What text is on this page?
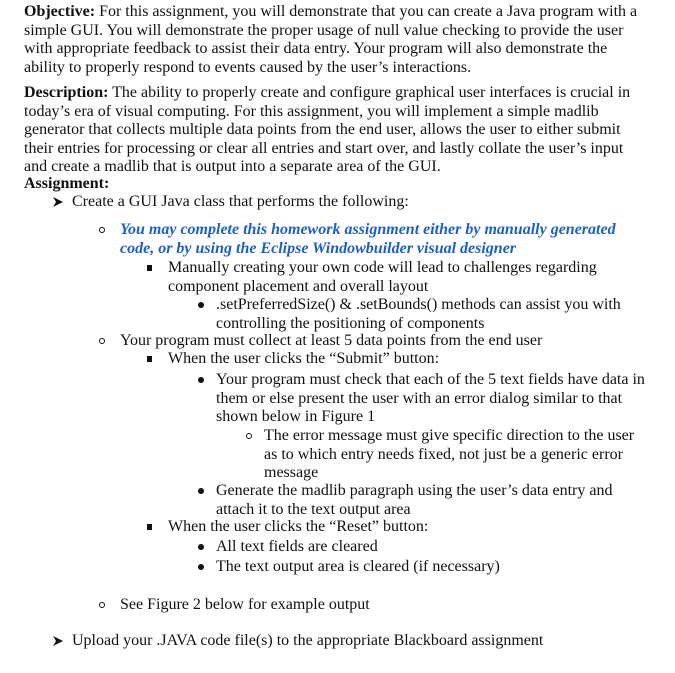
Objective: For this assignment, you will demonstrate that you can create a Java program with a
simple GUI. You will demonstrate the proper usage of null value checking to provide the user
with appropriate feedback to assist their data entry. Your program will also demonstrate the
ability to properly respond to events caused by the user’s interactions.
Description: The ability to properly create and configure graphical user interfaces is crucial in
today’s era of visual computing. For this assignment, you will implement a simple madlib
generator that collects multiple data points from the end user, allows the user to either submit
their entries for processing or clear all entries and start over, and lastly collate the user’s input
and create a madlib that is output into a separate area of the GUI.
Assignment:
Create a GUI Java class that performs the following:
You may complete this homework assignment either by manually generated
code, or by using the Eclipse Windowbuilder visual designer
Manually creating your own code will lead to challenges regarding
component placement and overall layout
.setPreferredSize() & .setBounds() methods can assist you with
controlling the positioning of components
Your program must collect at least 5 data points from the end user
When the user clicks the “Submit” button:
Your program must check that each of the 5 text fields have data in
them or else present the user with an error dialog similar to that
shown below in Figure 1
The error message must give specific direction to the user
as to which entry needs fixed, not just be a generic error
message
Generate the madlib paragraph using the user’s data entry and
attach it to the text output area
When the user clicks the “Reset” button:
All text fields are cleared
The text output area is cleared (if necessary)
See Figure 2 below for example output
Upload your .JAVA code file(s) to the appropriate Blackboard assignment
